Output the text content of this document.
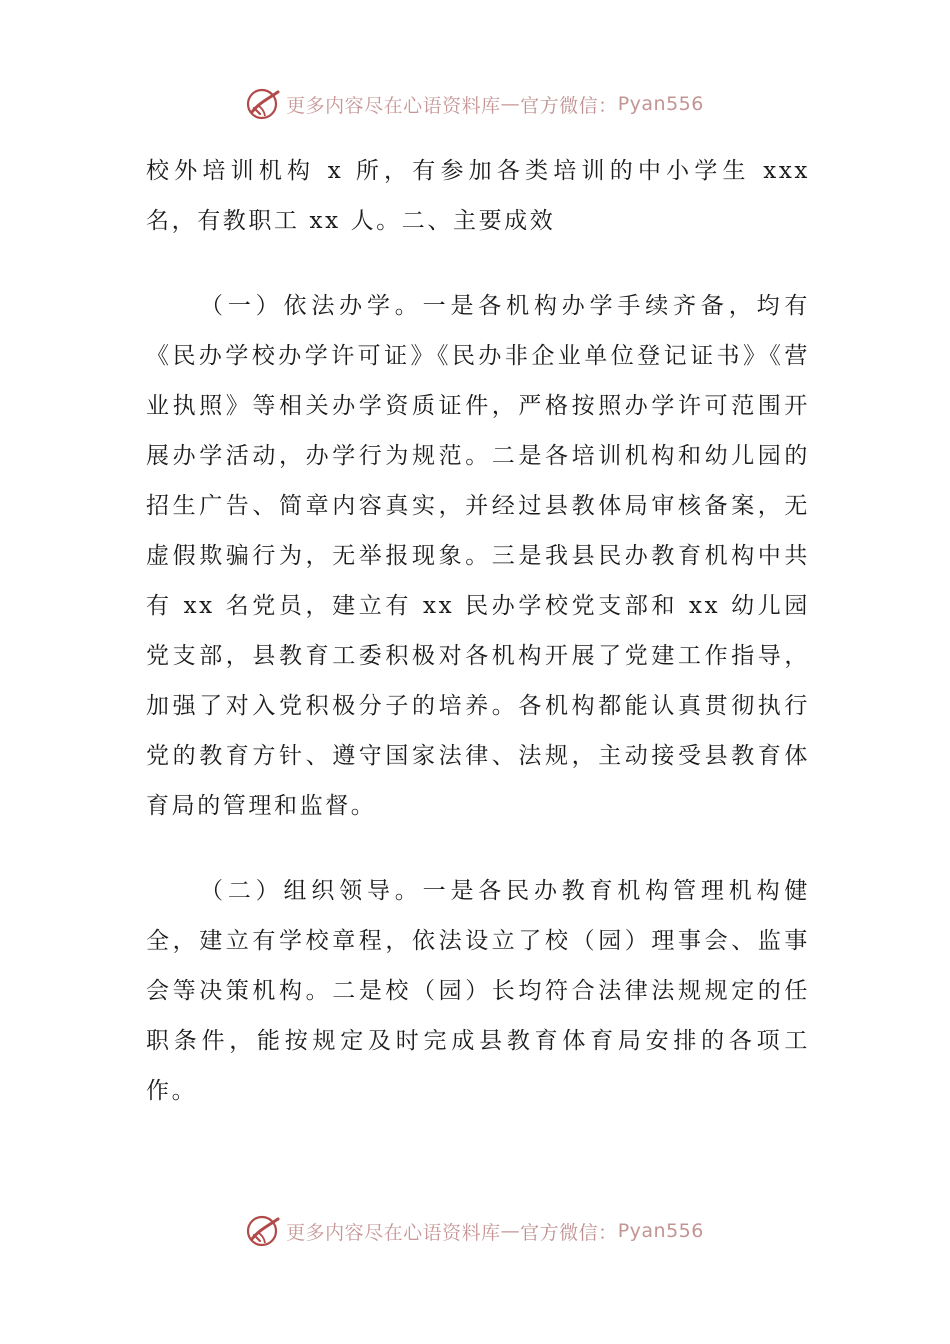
更多内容尽在心语资料库 — 官方微信： Pyan556

校外培训机构 x 所，有参加各类培训的中小学生 xxx 名，有教职工 xx 人。二、主要成效

（一）依法办学。一是各机构办学手续齐备，均有《民办学校办学许可证》《民办非企业单位登记证书》《营业执照》等相关办学资质证件，严格按照办学许可范围开展办学活动，办学行为规范。二是各培训机构和幼儿园的招生广告、简章内容真实，并经过县教体局审核备案，无虚假欺骗行为，无举报现象。三是我县民办教育机构中共有 xx 名党员，建立有 xx 民办学校党支部和 xx 幼儿园党支部，县教育工委积极对各机构开展了党建工作指导，加强了对入党积极分子的培养。各机构都能认真贯彻执行党的教育方针、遵守国家法律、法规，主动接受县教育体育局的管理和监督。

（二）组织领导。一是各民办教育机构管理机构健全，建立有学校章程，依法设立了校（园）理事会、监事会等决策机构。二是校（园）长均符合法律法规规定的任职条件，能按规定及时完成县教育体育局安排的各项工作。

更多内容尽在心语资料库 — 官方微信： Pyan556
